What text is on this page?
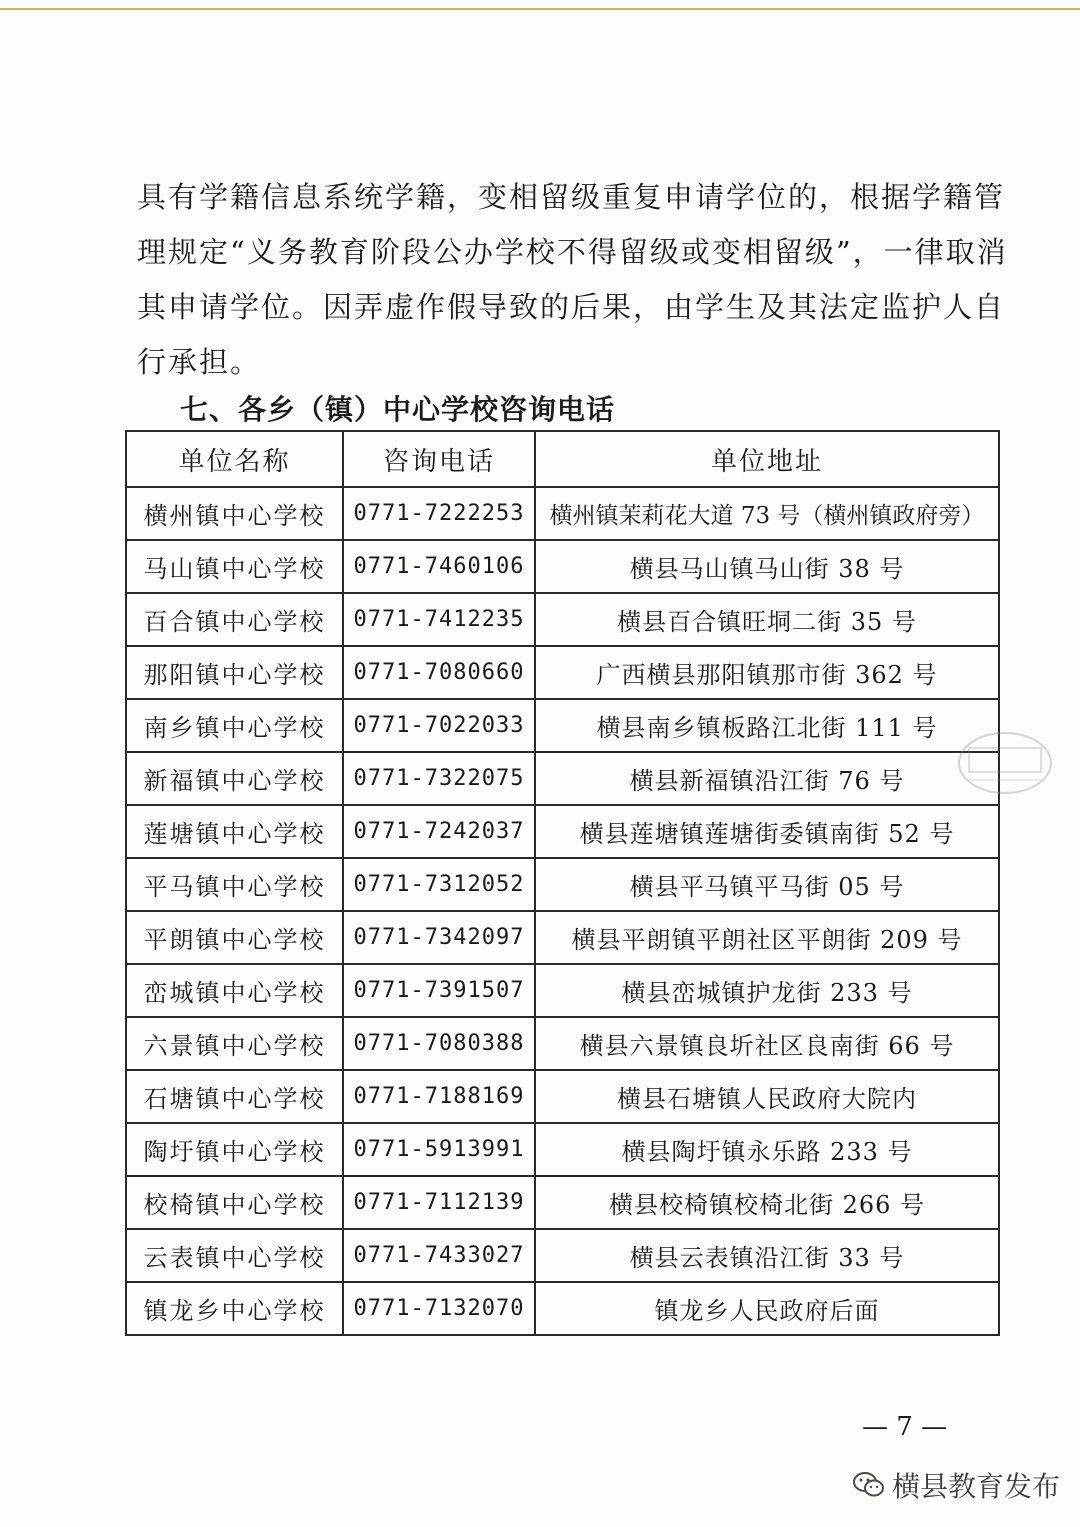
具有学籍信息系统学籍，变相留级重复申请学位的，根据学籍管
理规定“义务教育阶段公办学校不得留级或变相留级”，一律取消
其申请学位。因弄虚作假导致的后果，由学生及其法定监护人自
行承担。
七、各乡（镇）中心学校咨询电话
单位名称	咨询电话	单位地址
横州镇中心学校	0771-7222253	横州镇茉莉花大道 73 号（横州镇政府旁）
马山镇中心学校	0771-7460106	横县马山镇马山街 38 号
百合镇中心学校	0771-7412235	横县百合镇旺垌二街 35 号
那阳镇中心学校	0771-7080660	广西横县那阳镇那市街 362 号
南乡镇中心学校	0771-7022033	横县南乡镇板路江北街 111 号
新福镇中心学校	0771-7322075	横县新福镇沿江街 76 号
莲塘镇中心学校	0771-7242037	横县莲塘镇莲塘街委镇南街 52 号
平马镇中心学校	0771-7312052	横县平马镇平马街 05 号
平朗镇中心学校	0771-7342097	横县平朗镇平朗社区平朗街 209 号
峦城镇中心学校	0771-7391507	横县峦城镇护龙街 233 号
六景镇中心学校	0771-7080388	横县六景镇良圻社区良南街 66 号
石塘镇中心学校	0771-7188169	横县石塘镇人民政府大院内
陶圩镇中心学校	0771-5913991	横县陶圩镇永乐路 233 号
校椅镇中心学校	0771-7112139	横县校椅镇校椅北街 266 号
云表镇中心学校	0771-7433027	横县云表镇沿江街 33 号
镇龙乡中心学校	0771-7132070	镇龙乡人民政府后面
— 7 —
横县教育发布
